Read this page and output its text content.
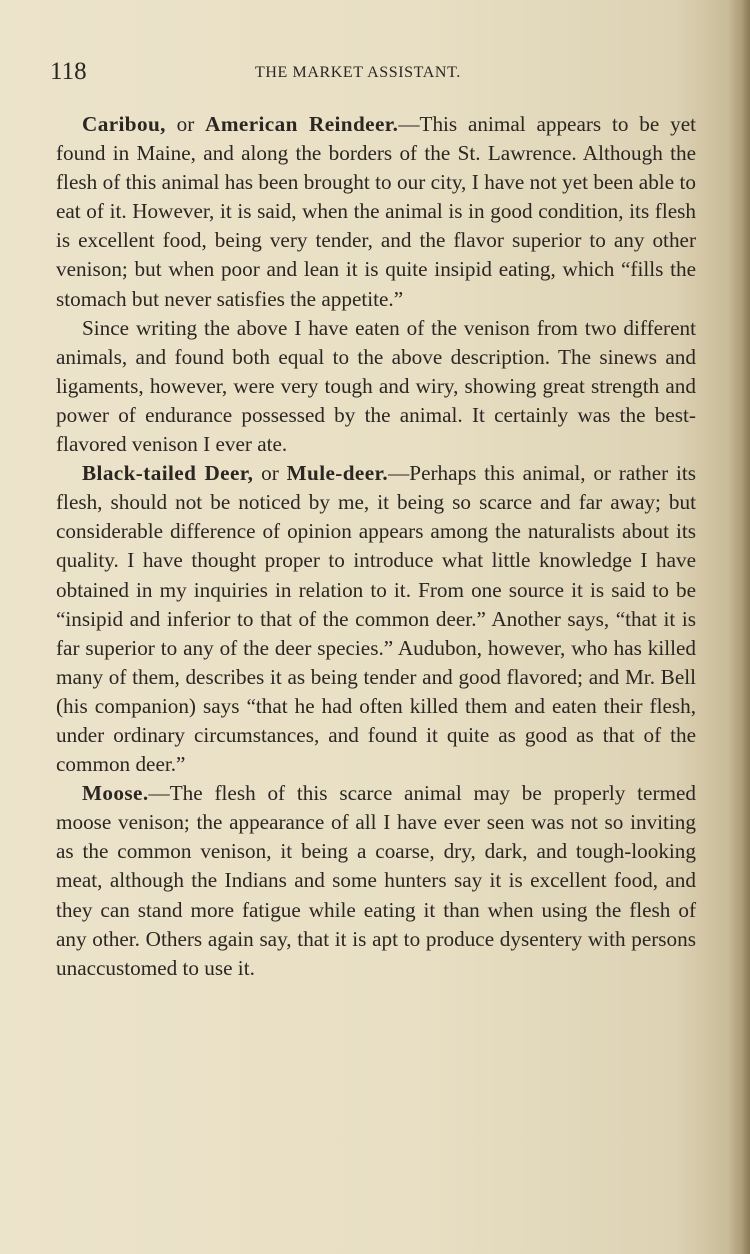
118	THE MARKET ASSISTANT.

Caribou, or American Reindeer.—This animal appears to be yet found in Maine, and along the borders of the St. Lawrence. Although the flesh of this animal has been brought to our city, I have not yet been able to eat of it. However, it is said, when the animal is in good condition, its flesh is excellent food, being very tender, and the flavor superior to any other venison; but when poor and lean it is quite insipid eating, which “fills the stomach but never satisfies the appetite.”

Since writing the above I have eaten of the venison from two different animals, and found both equal to the above description. The sinews and ligaments, however, were very tough and wiry, showing great strength and power of endurance possessed by the animal. It certainly was the best-flavored venison I ever ate.

Black-tailed Deer, or Mule-deer.—Perhaps this animal, or rather its flesh, should not be noticed by me, it being so scarce and far away; but considerable difference of opinion appears among the naturalists about its quality. I have thought proper to introduce what little knowledge I have obtained in my inquiries in relation to it. From one source it is said to be “insipid and inferior to that of the common deer.” Another says, “that it is far superior to any of the deer species.” Audubon, however, who has killed many of them, describes it as being tender and good flavored; and Mr. Bell (his companion) says “that he had often killed them and eaten their flesh, under ordinary circumstances, and found it quite as good as that of the common deer.”

Moose.—The flesh of this scarce animal may be properly termed moose venison; the appearance of all I have ever seen was not so inviting as the common venison, it being a coarse, dry, dark, and tough-looking meat, although the Indians and some hunters say it is excellent food, and they can stand more fatigue while eating it than when using the flesh of any other. Others again say, that it is apt to produce dysentery with persons unaccustomed to use it.
